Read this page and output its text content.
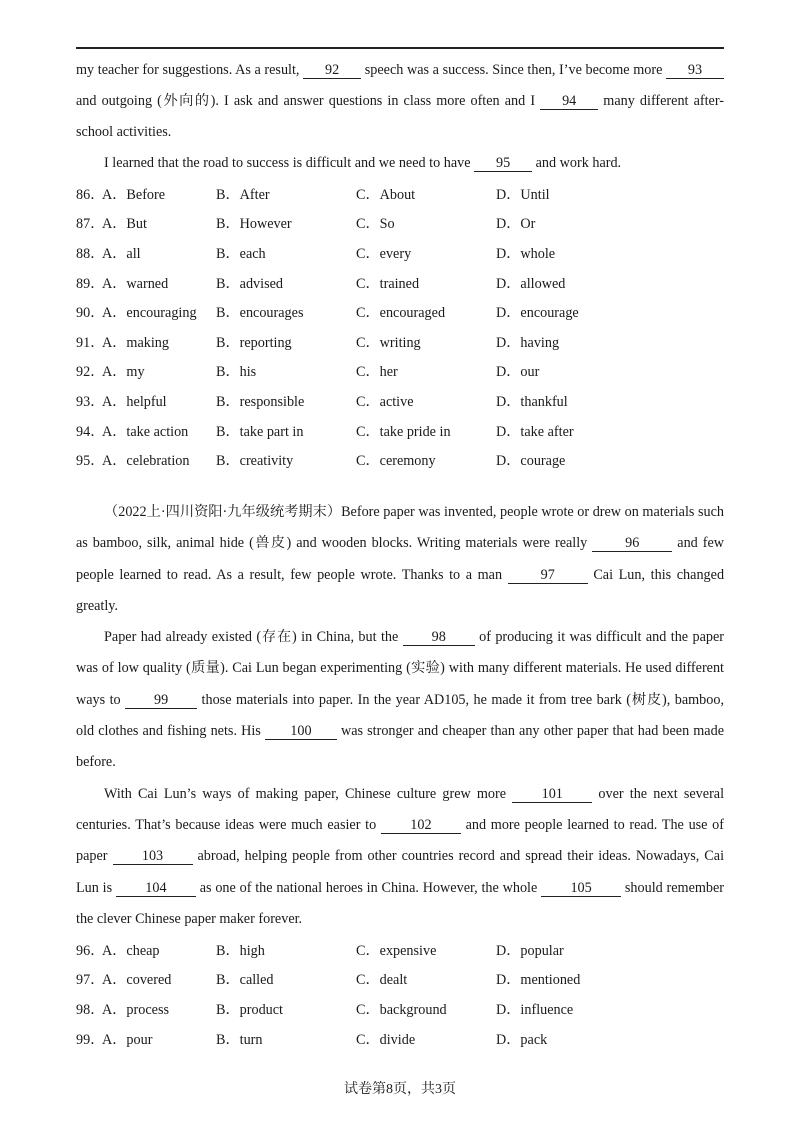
my teacher for suggestions. As a result, 92 speech was a success. Since then, I’ve become more 93 and outgoing (外向的). I ask and answer questions in class more often and I 94 many different after-school activities.

I learned that the road to success is difficult and we need to have 95 and work hard.

86．
A．Before	B．After	C．About	D．Until
87．
A．But	B．However	C．So	D．Or
88．
A．all	B．each	C．every	D．whole
89．
A．warned	B．advised	C．trained	D．allowed
90．
A．encouraging	B．encourages	C．encouraged	D．encourage
91．
A．making	B．reporting	C．writing	D．having
92．
A．my	B．his	C．her	D．our
93．
A．helpful	B．responsible	C．active	D．thankful
94．
A．take action	B．take part in	C．take pride in	D．take after
95．
A．celebration	B．creativity	C．ceremony	D．courage

（2022上·四川资阳·九年级统考期末）Before paper was invented, people wrote or drew on materials such as bamboo, silk, animal hide (兽皮) and wooden blocks. Writing materials were really	96	and few people learned to read. As a result, few people wrote. Thanks to a man	97	Cai Lun, this changed greatly.

Paper had already existed (存在) in China, but the 98 of producing it was difficult and the paper was of low quality (质量). Cai Lun began experimenting (实验) with many different materials. He used different ways to 99 those materials into paper. In the year AD105, he made it from tree bark (树皮), bamboo, old clothes and fishing nets. His 100 was stronger and cheaper than any other paper that had been made before.

With Cai Lun’s ways of making paper, Chinese culture grew more	101	over the next several centuries. That’s because ideas were much easier to 102 and more people learned to read. The use of paper 103 abroad, helping people from other countries record and spread their ideas. Nowadays, Cai Lun is 104 as one of the national heroes in China. However, the whole 105 should remember the clever Chinese paper maker forever.

96．
A．cheap	B．high	C．expensive	D．popular
97．
A．covered	B．called	C．dealt	D．mentioned
98．
A．process	B．product	C．background	D．influence
99．
A．pour	B．turn	C．divide	D．pack
试卷第8页，共3页
